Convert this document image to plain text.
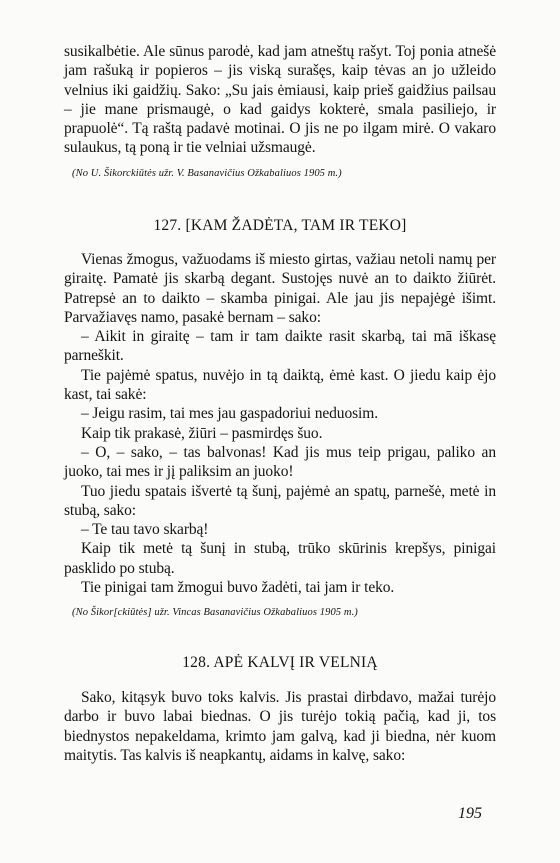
susikalbėtie. Ale sūnus parodė, kad jam atneštų rašyt. Toj ponia atnešė jam rašuką ir popieros – jis viską surašęs, kaip tėvas an jo užleido velnius iki gaidžių. Sako: „Su jais ėmiausi, kaip prieš gaidžius pailsau – jie mane prismaugė, o kad gaidys kokterė, smala pasiliejo, ir prapuolė“. Tą raštą padavė motinai. O jis ne po ilgam mirė. O vakaro sulaukus, tą poną ir tie velniai užsmaugė.

(No U. Šikorckiūtės užr. V. Basanavičius Ožkabaliuos 1905 m.)

127. [KAM ŽADĖTA, TAM IR TEKO]

Vienas žmogus, važuodams iš miesto girtas, važiau netoli namų per giraitę. Pamatė jis skarbą degant. Sustojęs nuvė an to daikto žiūrėt. Patrepsė an to daikto – skamba pinigai. Ale jau jis nepajėgė išimt. Parvažiavęs namo, pasakė bernam – sako:

– Aikit in giraitę – tam ir tam daikte rasit skarbą, tai mā iškasę parneškit.

Tie pajėmė spatus, nuvėjo in tą daiktą, ėmė kast. O jiedu kaip ėjo kast, tai sakė:

– Jeigu rasim, tai mes jau gaspadoriui neduosim.

Kaip tik prakasė, žiūri – pasmirdęs šuo.

– O, – sako, – tas balvonas! Kad jis mus teip prigau, paliko an juoko, tai mes ir jį paliksim an juoko!

Tuo jiedu spatais išvertė tą šunį, pajėmė an spatų, parnešė, metė in stubą, sako:

– Te tau tavo skarbą!

Kaip tik metė tą šunį in stubą, trūko skūrinis krepšys, pinigai pasklido po stubą.

Tie pinigai tam žmogui buvo žadėti, tai jam ir teko.

(No Šikor[ckiūtės] užr. Vincas Basanavičius Ožkabaliuos 1905 m.)

128. APĖ KALVĮ IR VELNIĄ

Sako, kitąsyk buvo toks kalvis. Jis prastai dirbdavo, mažai turėjo darbo ir buvo labai biednas. O jis turėjo tokią pačią, kad ji, tos biednystos nepakeldama, krimto jam galvą, kad ji biedna, nėr kuom maitytis. Tas kalvis iš neapkantų, aidams in kalvę, sako:

195
